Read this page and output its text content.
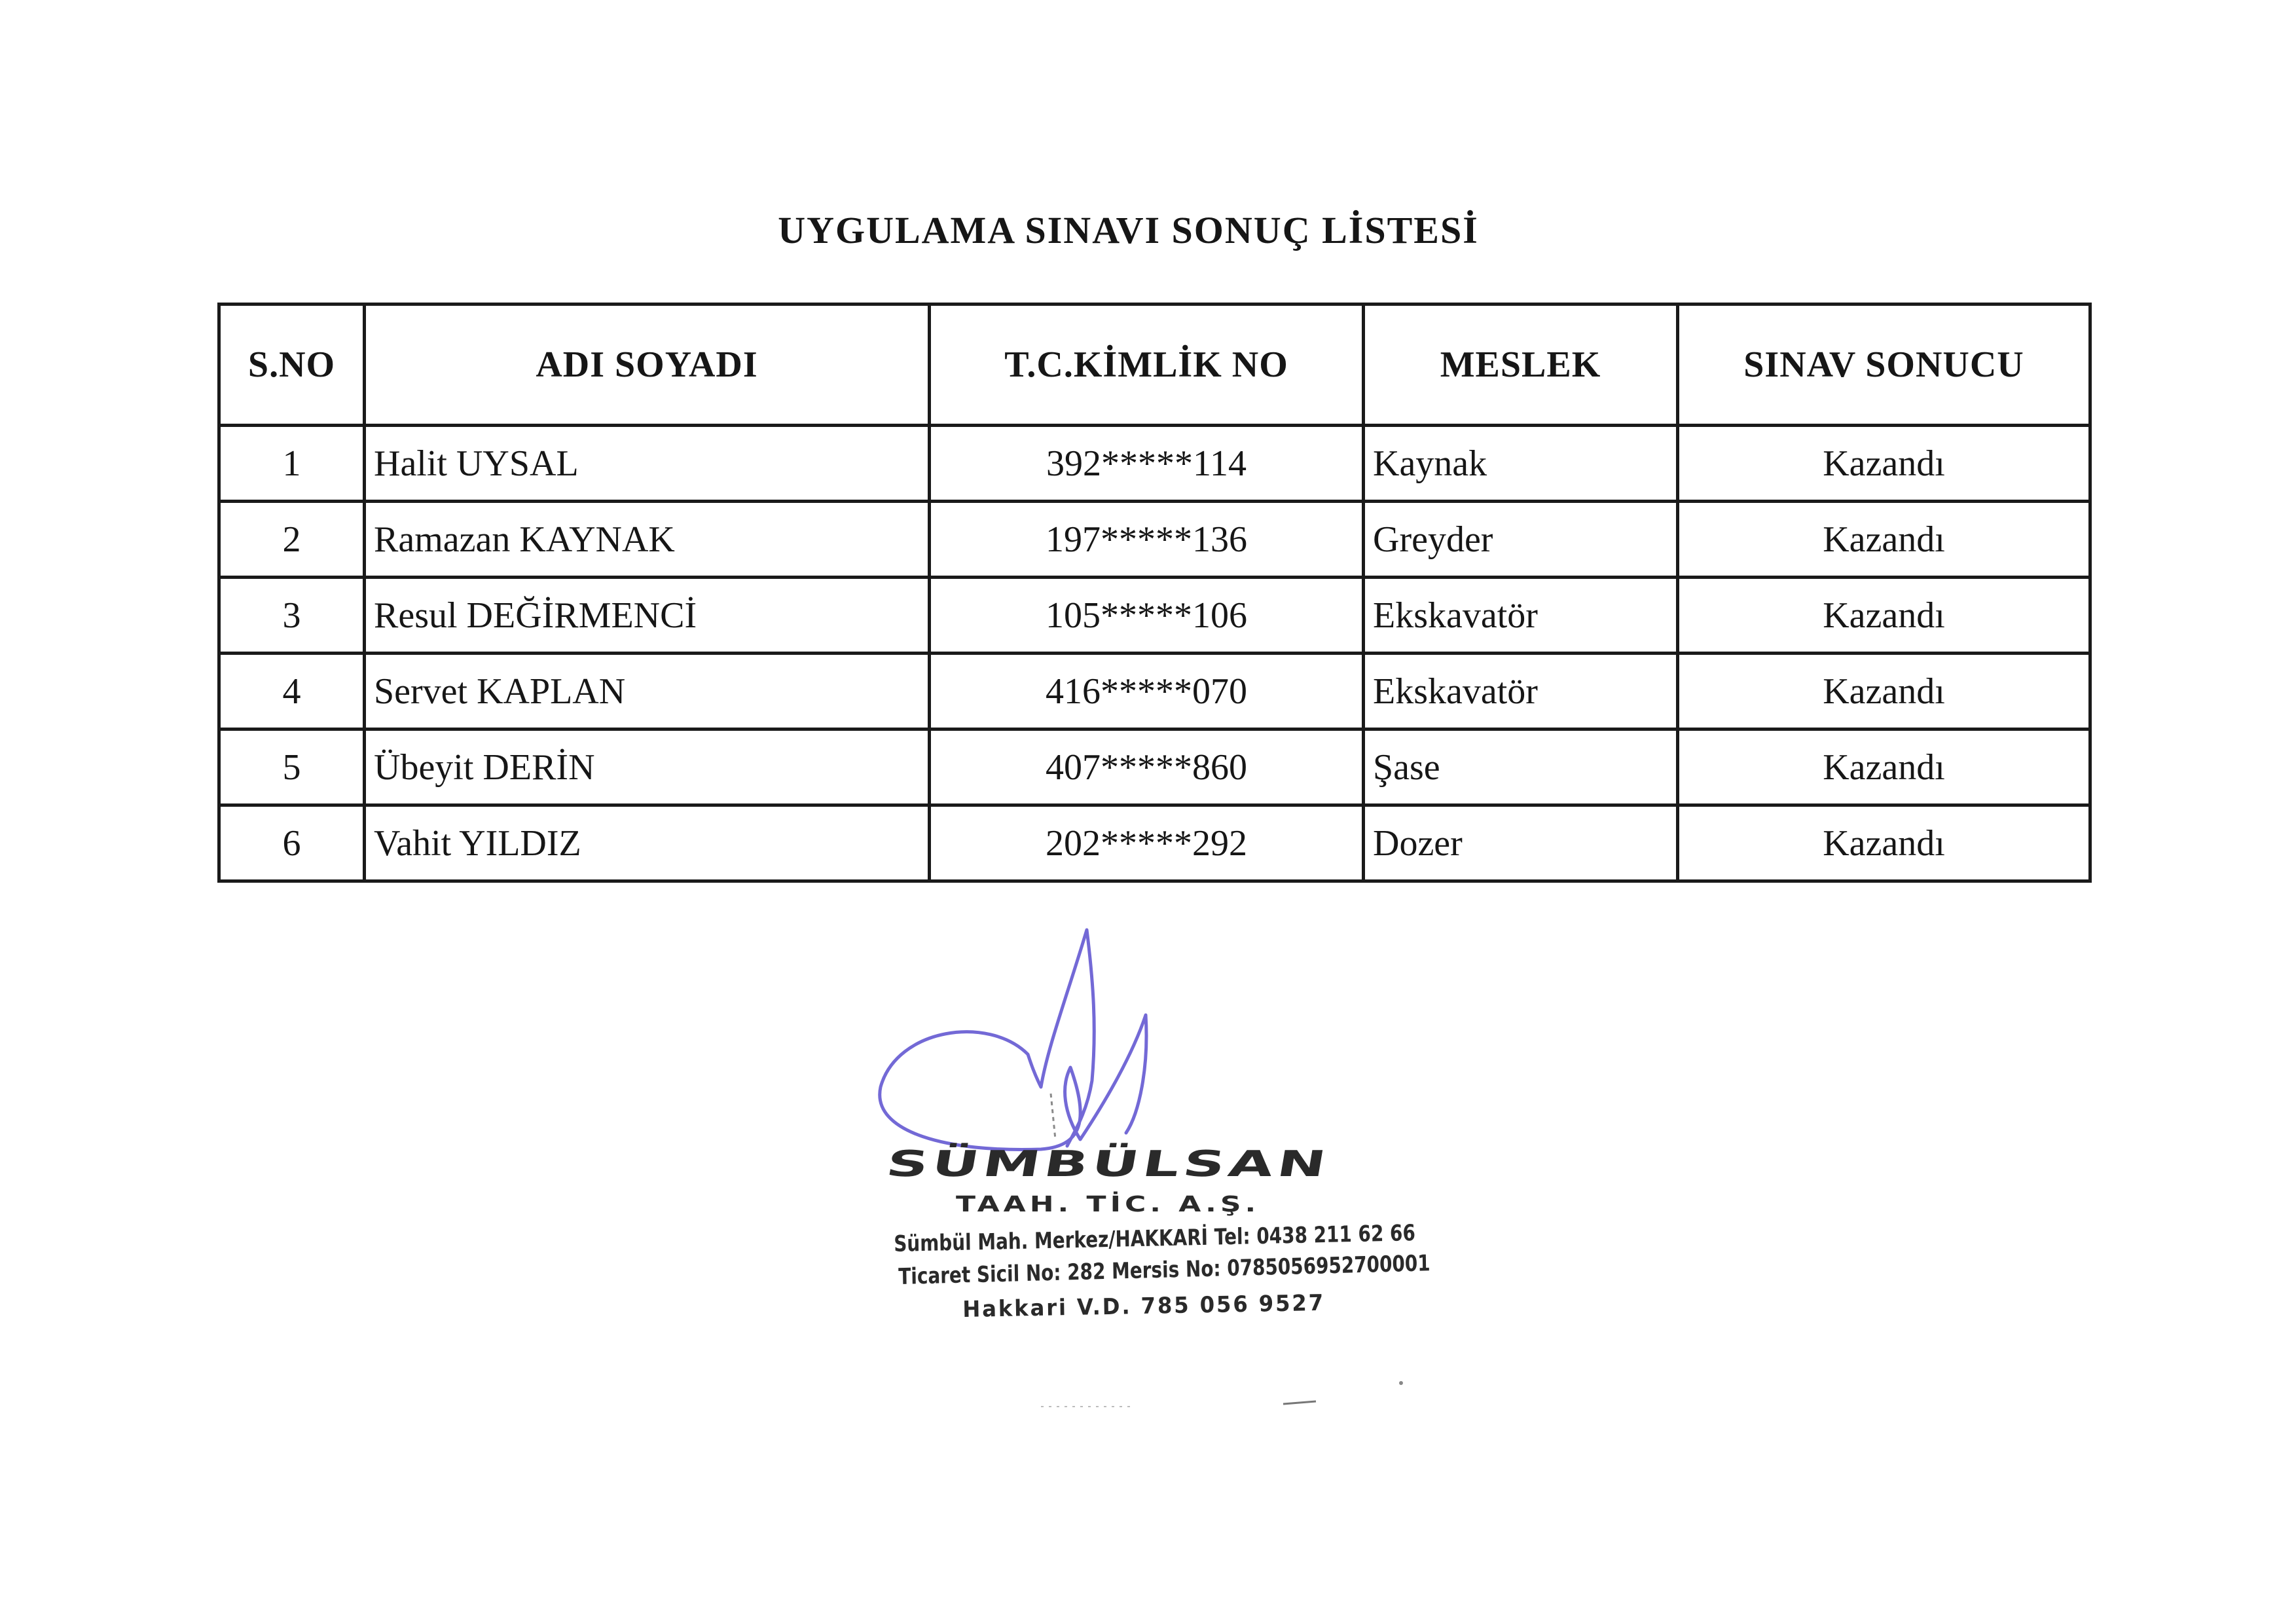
UYGULAMA SINAVI SONUÇ LİSTESİ
S.NO	ADI SOYADI	T.C.KİMLİK NO	MESLEK	SINAV SONUCU
1	Halit UYSAL	392*****114	Kaynak	Kazandı
2	Ramazan KAYNAK	197*****136	Greyder	Kazandı
3	Resul DEĞİRMENCİ	105*****106	Ekskavatör	Kazandı
4	Servet KAPLAN	416*****070	Ekskavatör	Kazandı
5	Übeyit DERİN	407*****860	Şase	Kazandı
6	Vahit YILDIZ	202*****292	Dozer	Kazandı
SÜMBÜLSAN
TAAH. TİC. A.Ş.
Sümbül Mah. Merkez/HAKKARİ Tel: 0438 211 62 66
Ticaret Sicil No: 282 Mersis No: 0785056952700001
Hakkari V.D. 785 056 9527
